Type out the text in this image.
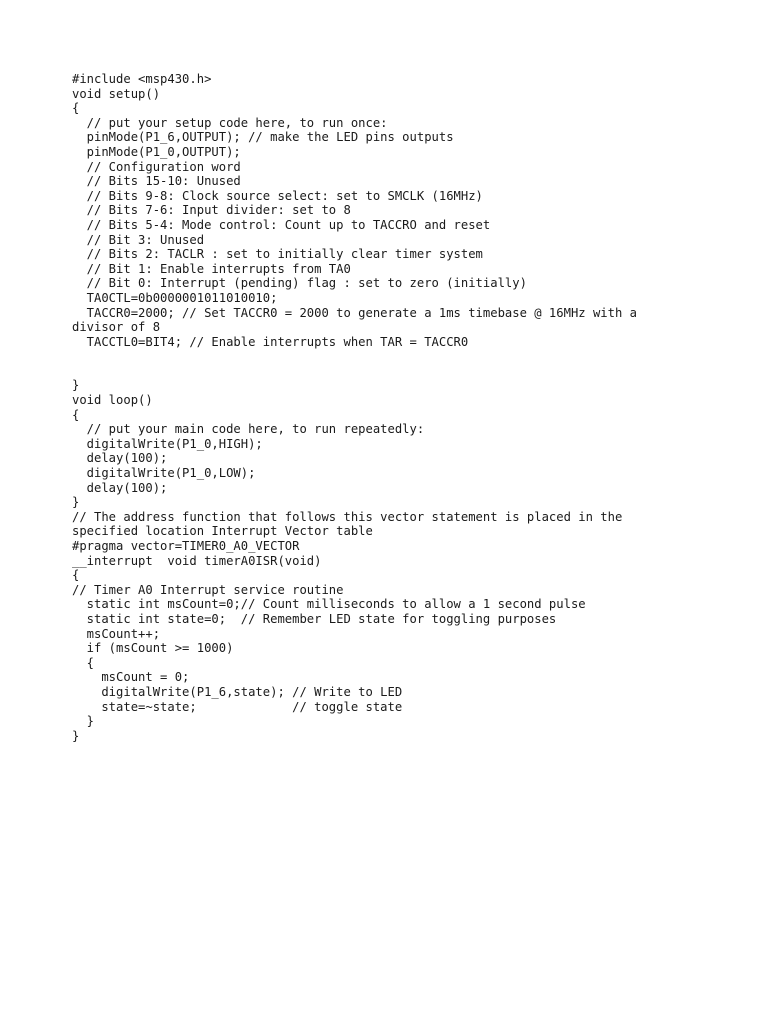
#include <msp430.h>
void setup()
{
// put your setup code here, to run once:
pinMode(P1_6,OUTPUT); // make the LED pins outputs
pinMode(P1_0,OUTPUT);
// Configuration word
// Bits 15-10: Unused
// Bits 9-8: Clock source select: set to SMCLK (16MHz)
// Bits 7-6: Input divider: set to 8
// Bits 5-4: Mode control: Count up to TACCRO and reset
// Bit 3: Unused
// Bits 2: TACLR : set to initially clear timer system
// Bit 1: Enable interrupts from TA0
// Bit 0: Interrupt (pending) flag : set to zero (initially)
TA0CTL=0b0000001011010010;
TACCR0=2000; // Set TACCR0 = 2000 to generate a 1ms timebase @ 16MHz with a
divisor of 8
TACCTL0=BIT4; // Enable interrupts when TAR = TACCR0
}
void loop()
{
// put your main code here, to run repeatedly:
digitalWrite(P1_0,HIGH);
delay(100);
digitalWrite(P1_0,LOW);
delay(100);
}
// The address function that follows this vector statement is placed in the
specified location Interrupt Vector table
#pragma vector=TIMER0_A0_VECTOR
__interrupt  void timerA0ISR(void)
{
// Timer A0 Interrupt service routine
static int msCount=0;// Count milliseconds to allow a 1 second pulse
static int state=0;  // Remember LED state for toggling purposes
msCount++;
if (msCount >= 1000)
{
msCount = 0;
digitalWrite(P1_6,state); // Write to LED
state=~state;             // toggle state
}
}
